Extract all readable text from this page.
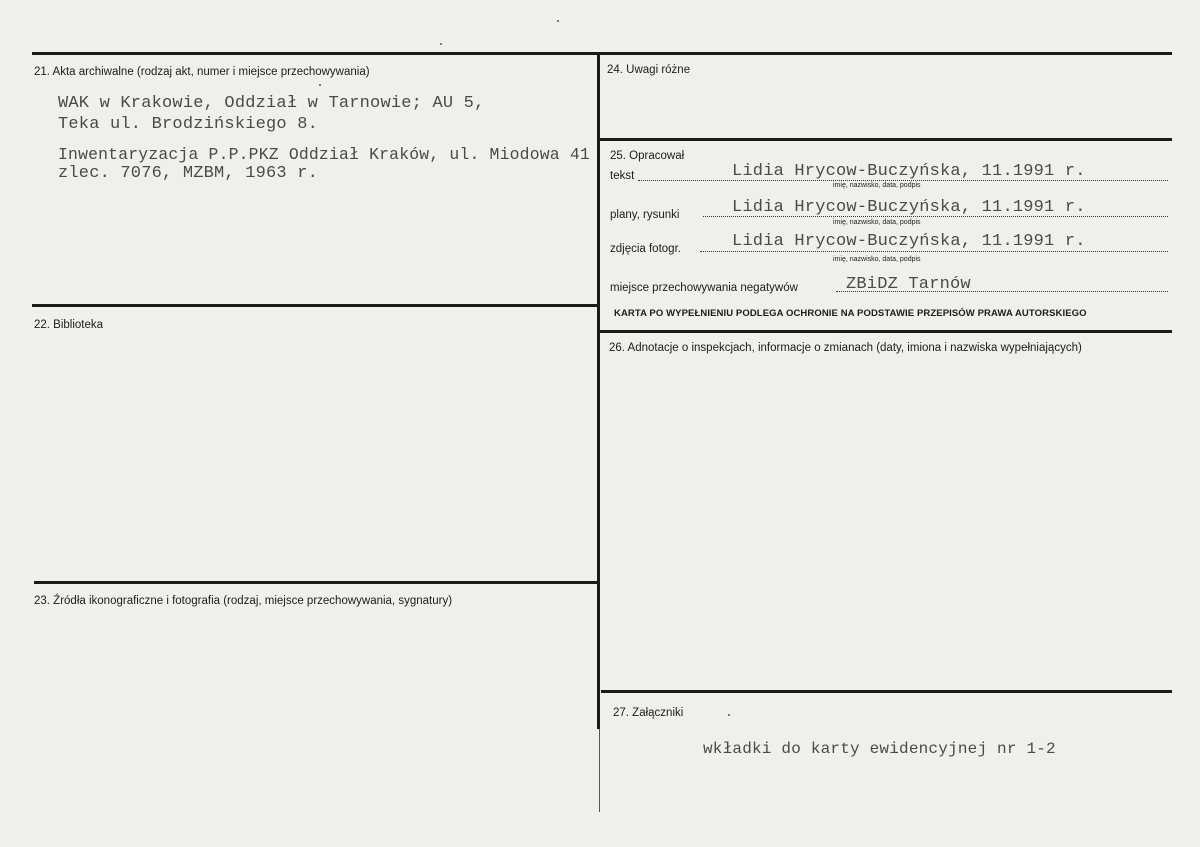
21. Akta archiwalne (rodzaj akt, numer i miejsce przechowywania)
WAK w Krakowie, Oddział w Tarnowie; AU 5,
Teka ul. Brodzińskiego 8.
Inwentaryzacja P.P.PKZ Oddział Kraków, ul. Miodowa 41
zlec. 7076, MZBM, 1963 r.
22. Biblioteka
23. Źródła ikonograficzne i fotografia (rodzaj, miejsce przechowywania, sygnatury)
24. Uwagi różne
25. Opracował
tekst	Lidia Hrycow-Buczyńska, 11.1991 r.
imię, nazwisko, data, podpis
plany, rysunki	Lidia Hrycow-Buczyńska, 11.1991 r.
imię, nazwisko, data, podpis
zdjęcia fotogr.	Lidia Hrycow-Buczyńska, 11.1991 r.
imię, nazwisko, data, podpis
miejsce przechowywania negatywów	ZBiDZ Tarnów
KARTA PO WYPEŁNIENIU PODLEGA OCHRONIE NA PODSTAWIE PRZEPISÓW PRAWA AUTORSKIEGO
26. Adnotacje o inspekcjach, informacje o zmianach (daty, imiona i nazwiska wypełniających)
27. Załączniki
wkładki do karty ewidencyjnej nr 1-2
